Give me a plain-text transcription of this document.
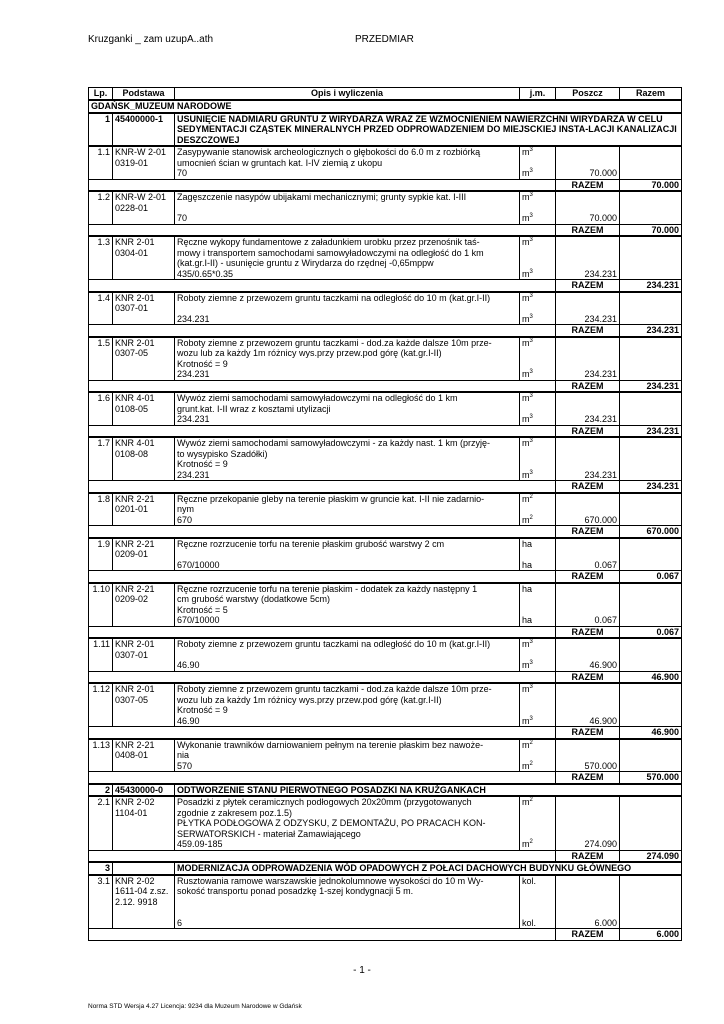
Kruzganki _ zam uzupA..ath	PRZEDMIAR
Lp.	Podstawa	Opis i wyliczenia	j.m.	Poszcz	Razem
GDAŃSK_MUZEUM NARODOWE					
1	45400000-1	USUNIĘCIE NADMIARU GRUNTU Z WIRYDARZA WRAZ ZE WZMOCNIENIEM NAWIERZCHNI WIRYDARZA W CELU SEDYMENTACJI CZĄSTEK MINERALNYCH PRZED ODPROWADZENIEM DO MIEJSCKIEJ INSTA-LACJI KANALIZACJI DESZCZOWEJ			
1.1	KNR-W 2-01 0319-01	Zasypywanie stanowisk archeologicznych o głębokości do 6.0 m z rozbiórką
umocnień ścian w gruntach kat. I-IV ziemią z ukopu
70	$m^3$
$m^3$	70.000	
				RAZEM	70.000
1.2	KNR-W 2-01 0228-01	Zagęszczenie nasypów ubijakami mechanicznymi; grunty sypkie kat. I-III
70	$m^3$
$m^3$	70.000	
				RAZEM	70.000
1.3	KNR 2-01 0304-01	Ręczne wykopy fundamentowe z załadunkiem urobku przez przenośnik taś-
mowy i transportem samochodami samowyładowczymi na odległość do 1 km
(kat.gr.I-II) - usunięcie gruntu z Wirydarza do rzędnej -0,65mppw
435/0.65*0.35	$m^3$
$m^3$	234.231	
				RAZEM	234.231
1.4	KNR 2-01 0307-01	Roboty ziemne z przewozem gruntu taczkami na odległość do 10 m (kat.gr.I-II)
234.231	$m^3$
$m^3$	234.231	
				RAZEM	234.231
1.5	KNR 2-01 0307-05	Roboty ziemne z przewozem gruntu taczkami - dod.za każde dalsze 10m prze-
wozu lub za każdy 1m różnicy wys.przy przew.pod górę (kat.gr.I-II)
Krotność = 9
234.231	$m^3$
$m^3$	234.231	
				RAZEM	234.231
1.6	KNR 4-01 0108-05	Wywóz ziemi samochodami samowyładowczymi na odległość do 1 km
grunt.kat. I-II wraz z kosztami utylizacji
234.231	$m^3$
$m^3$	234.231	
				RAZEM	234.231
1.7	KNR 4-01 0108-08	Wywóz ziemi samochodami samowyładowczymi - za każdy nast. 1 km (przyję-
to wysypisko Szadółki)
Krotność = 9
234.231	$m^3$
$m^3$	234.231	
				RAZEM	234.231
1.8	KNR 2-21 0201-01	Ręczne przekopanie gleby na terenie płaskim w gruncie kat. I-II nie zadarnio-
nym
670	$m^2$
$m^2$	670.000	
				RAZEM	670.000
1.9	KNR 2-21 0209-01	Ręczne rozrzucenie torfu na terenie płaskim grubość warstwy 2 cm
670/10000	ha
ha	0.067	
				RAZEM	0.067
1.10	KNR 2-21 0209-02	Ręczne rozrzucenie torfu na terenie płaskim - dodatek za każdy następny 1
cm grubość warstwy (dodatkowe 5cm)
Krotność = 5
670/10000	ha
ha	0.067	
				RAZEM	0.067
1.11	KNR 2-01 0307-01	Roboty ziemne z przewozem gruntu taczkami na odległość do 10 m (kat.gr.I-II)
46.90	$m^3$
$m^3$	46.900	
				RAZEM	46.900
1.12	KNR 2-01 0307-05	Roboty ziemne z przewozem gruntu taczkami - dod.za każde dalsze 10m prze-
wozu lub za każdy 1m różnicy wys.przy przew.pod górę (kat.gr.I-II)
Krotność = 9
46.90	$m^3$
$m^3$	46.900	
				RAZEM	46.900
1.13	KNR 2-21 0408-01	Wykonanie trawników darniowaniem pełnym na terenie płaskim bez nawoże-
nia
570	$m^2$
$m^2$	570.000	
				RAZEM	570.000
2	45430000-0	ODTWORZENIE STANU PIERWOTNEGO POSADZKI NA KRUŻGANKACH			
2.1	KNR 2-02 1104-01	Posadzki z płytek ceramicznych podłogowych 20x20mm (przygotowanych
zgodnie z zakresem poz.1.5)
PŁYTKA PODŁOGOWA Z ODZYSKU, Z DEMONTAŻU, PO PRACACH KON-
SERWATORSKICH - materiał Zamawiającego
459.09-185	$m^2$
$m^2$	274.090	
				RAZEM	274.090
3		MODERNIZACJA ODPROWADZENIA WÓD OPADOWYCH Z POŁACI DACHOWYCH BUDYNKU GŁÓWNEGO			
3.1	KNR 2-02 1611-04 z.sz. 2.12. 9918	Rusztowania ramowe warszawskie jednokolumnowe wysokości do 10 m Wy-
sokość transportu ponad posadzkę 1-szej kondygnacji 5 m.
6	kol.
kol.	6.000	
				RAZEM	6.000
- 1 -
Norma STD Wersja 4.27 Licencja: 9234 dla Muzeum Narodowe w Gdańsk
